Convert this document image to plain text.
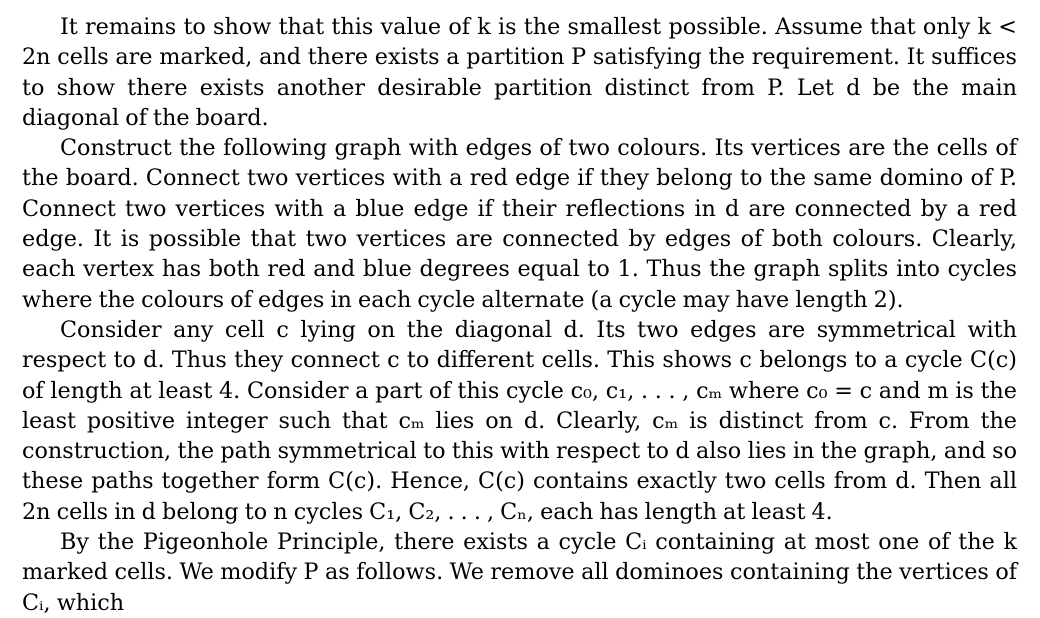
It remains to show that this value of k is the smallest possible. Assume that only k < 2n cells are marked, and there exists a partition P satisfying the requirement. It suffices to show there exists another desirable partition distinct from P. Let d be the main diagonal of the board.

Construct the following graph with edges of two colours. Its vertices are the cells of the board. Connect two vertices with a red edge if they belong to the same domino of P. Connect two vertices with a blue edge if their reflections in d are connected by a red edge. It is possible that two vertices are connected by edges of both colours. Clearly, each vertex has both red and blue degrees equal to 1. Thus the graph splits into cycles where the colours of edges in each cycle alternate (a cycle may have length 2).

Consider any cell c lying on the diagonal d. Its two edges are symmetrical with respect to d. Thus they connect c to different cells. This shows c belongs to a cycle C(c) of length at least 4. Consider a part of this cycle c₀, c₁, . . . , cₘ where c₀ = c and m is the least positive integer such that cₘ lies on d. Clearly, cₘ is distinct from c. From the construction, the path symmetrical to this with respect to d also lies in the graph, and so these paths together form C(c). Hence, C(c) contains exactly two cells from d. Then all 2n cells in d belong to n cycles C₁, C₂, . . . , Cₙ, each has length at least 4.

By the Pigeonhole Principle, there exists a cycle Cᵢ containing at most one of the k marked cells. We modify P as follows. We remove all dominoes containing the vertices of Cᵢ, which
